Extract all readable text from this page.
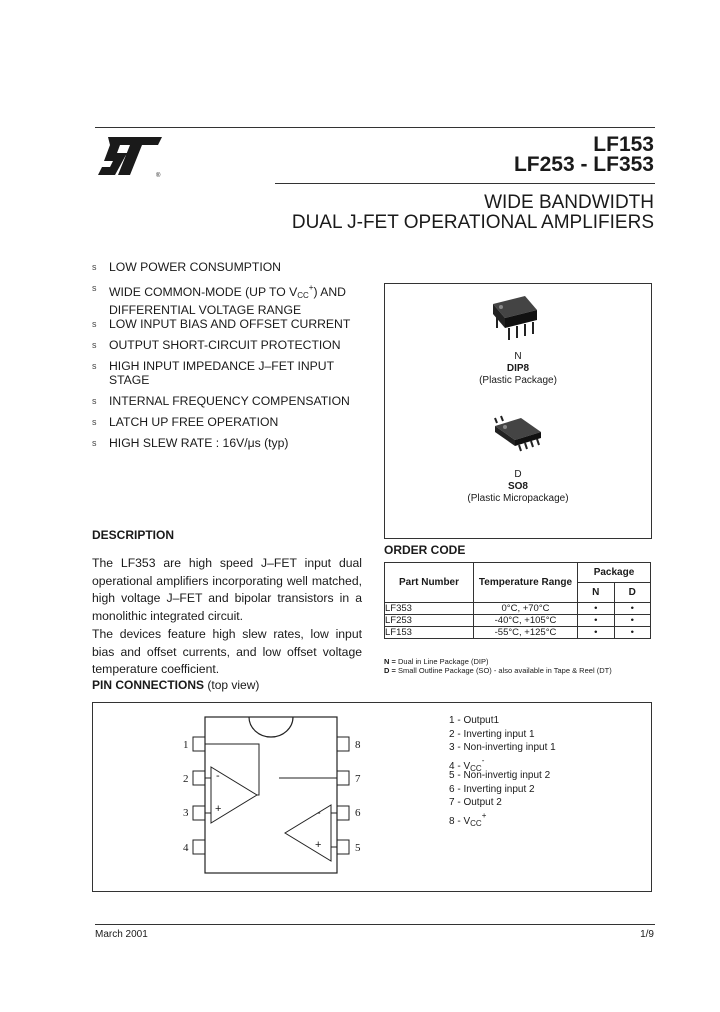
®
LF153
LF253 - LF353
WIDE BANDWIDTH
DUAL J-FET OPERATIONAL AMPLIFIERS
s LOW POWER CONSUMPTION
s WIDE COMMON-MODE (UP TO $V_{CC}^+$) AND DIFFERENTIAL VOLTAGE RANGE
s LOW INPUT BIAS AND OFFSET CURRENT
s OUTPUT SHORT-CIRCUIT PROTECTION
s HIGH INPUT IMPEDANCE J–FET INPUT STAGE
s INTERNAL FREQUENCY COMPENSATION
s LATCH UP FREE OPERATION
s HIGH SLEW RATE : 16V/μs (typ)
N
DIP8
(Plastic Package)
D
SO8
(Plastic Micropackage)
DESCRIPTION
The LF353 are high speed J–FET input dual operational amplifiers incorporating well matched, high voltage J–FET and bipolar transistors in a monolithic integrated circuit.
The devices feature high slew rates, low input bias and offset currents, and low offset voltage temperature coefficient.
ORDER CODE
Part Number	Temperature Range	Package	
		N	D
LF353	0°C, +70°C	•	•
LF253	-40°C, +105°C	•	•
LF153	-55°C, +125°C	•	•
N = Dual in Line Package (DIP)
D = Small Outline Package (SO) - also available in Tape & Reel (DT)
PIN CONNECTIONS (top view)
1
2
3
4
8
7
6
5
-
+	-
+
1 - Output1
2 - Inverting input 1
3 - Non-inverting input 1
$4 - V_{CC}^-$
5 - Non-invertig input 2
6 - Inverting input 2
7 - Output 2
$8 - V_{CC}^+$
March 2001	1/9
